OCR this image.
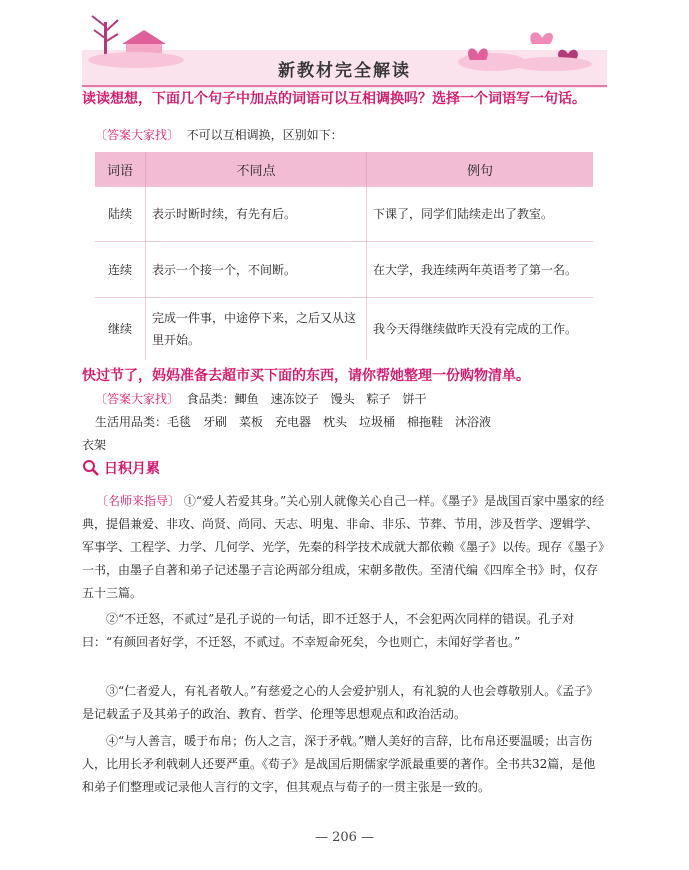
新教材完全解读
读读想想，下面几个句子中加点的词语可以互相调换吗？选择一个词语写一句话。
〔答案大家找〕 不可以互相调换，区别如下：
词语	不同点	例句
陆续	表示时断时续，有先有后。	下课了，同学们陆续走出了教室。
连续	表示一个接一个，不间断。	在大学，我连续两年英语考了第一名。
继续	完成一件事，中途停下来，之后又从这里开始。	我今天得继续做昨天没有完成的工作。
快过节了，妈妈准备去超市买下面的东西，请你帮她整理一份购物清单。
〔答案大家找〕 食品类：鲫鱼　速冻饺子　馒头　粽子　饼干
生活用品类：毛毯　牙刷　菜板　充电器　枕头　垃圾桶　棉拖鞋　沐浴液
衣架
日积月累
〔名师来指导〕 ①“爱人若爱其身。”关心别人就像关心自己一样。《墨子》是战国百家中墨家的经典，提倡兼爱、非攻、尚贤、尚同、天志、明鬼、非命、非乐、节葬、节用，涉及哲学、逻辑学、军事学、工程学、力学、几何学、光学，先秦的科学技术成就大都依赖《墨子》以传。现存《墨子》一书，由墨子自著和弟子记述墨子言论两部分组成，宋朝多散佚。至清代编《四库全书》时，仅存五十三篇。
②“不迁怒，不贰过”是孔子说的一句话，即不迁怒于人，不会犯两次同样的错误。孔子对曰：“有颜回者好学，不迁怒，不贰过。不幸短命死矣，今也则亡，未闻好学者也。”
③“仁者爱人，有礼者敬人。”有慈爱之心的人会爱护别人，有礼貌的人也会尊敬别人。《孟子》是记载孟子及其弟子的政治、教育、哲学、伦理等思想观点和政治活动。
④“与人善言，暖于布帛；伤人之言，深于矛戟。”赠人美好的言辞，比布帛还要温暖；出言伤人，比用长矛利戟刺人还要严重。《荀子》是战国后期儒家学派最重要的著作。全书共32篇，是他和弟子们整理或记录他人言行的文字，但其观点与荀子的一贯主张是一致的。
— 206 —
